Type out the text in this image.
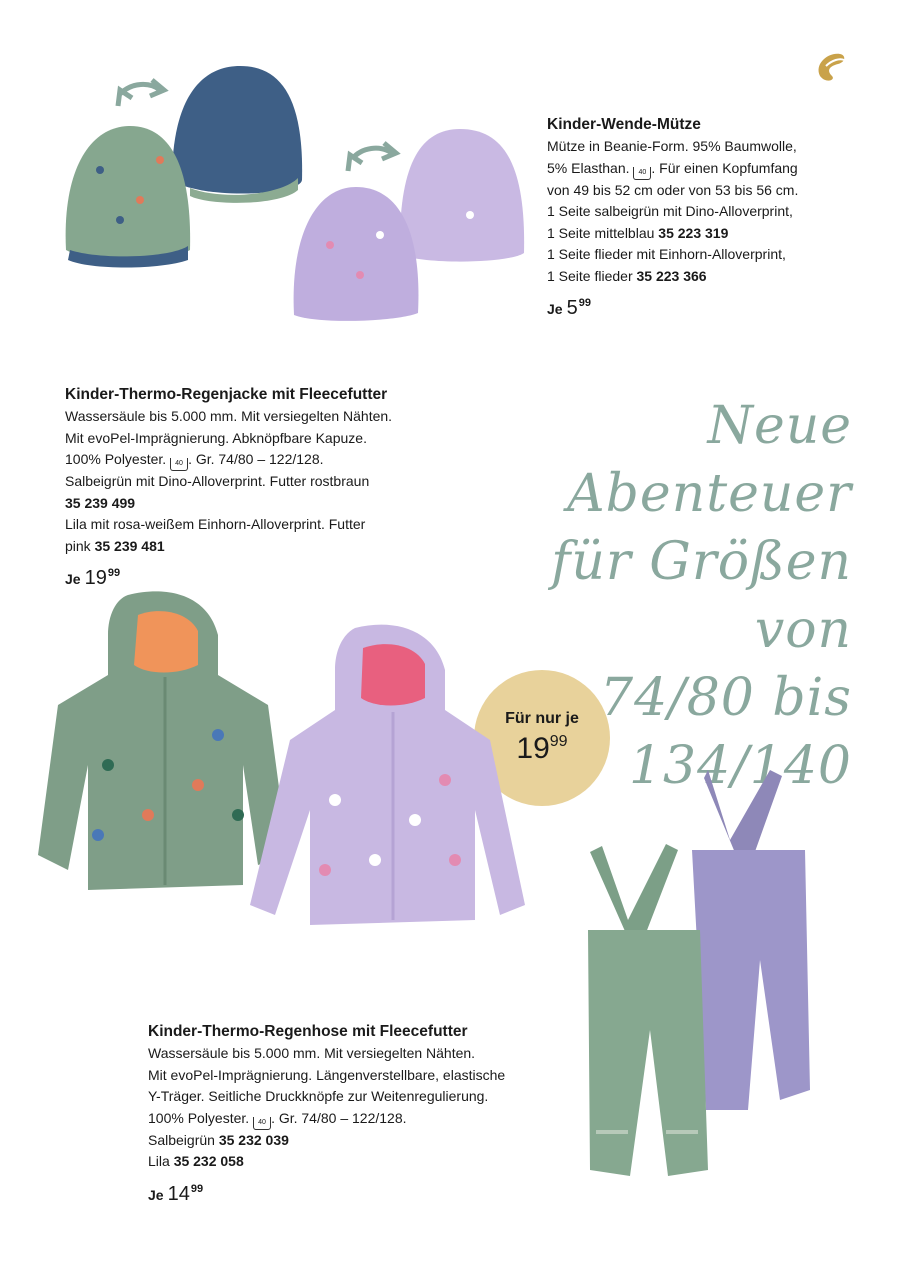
Kinder-Wende-Mütze
Mütze in Beanie-Form. 95% Baumwolle,
5% Elasthan. 40 . Für einen Kopfumfang
von 49 bis 52 cm oder von 53 bis 56 cm.
1 Seite salbeigrün mit Dino-Alloverprint,
1 Seite mittelblau 35 223 319
1 Seite flieder mit Einhorn-Alloverprint,
1 Seite flieder 35 223 366
Je $5^{99}$
Kinder-Thermo-Regenjacke mit Fleecefutter
Wassersäule bis 5.000 mm. Mit versiegelten Nähten.
Mit evoPel-Imprägnierung. Abknöpfbare Kapuze.
100% Polyester. 40 . Gr. 74/80 – 122/128.
Salbeigrün mit Dino-Alloverprint. Futter rostbraun
35 239 499
Lila mit rosa-weißem Einhorn-Alloverprint. Futter
pink 35 239 481
Je $19^{99}$
Neue Abenteuer
für Größen von
74/80 bis 134/140
Für nur je
$19^{99}$
Kinder-Thermo-Regenhose mit Fleecefutter
Wassersäule bis 5.000 mm. Mit versiegelten Nähten.
Mit evoPel-Imprägnierung. Längenverstellbare, elastische
Y-Träger. Seitliche Druckknöpfe zur Weitenregulierung.
100% Polyester. 40 . Gr. 74/80 – 122/128.
Salbeigrün 35 232 039
Lila 35 232 058
Je $14^{99}$
